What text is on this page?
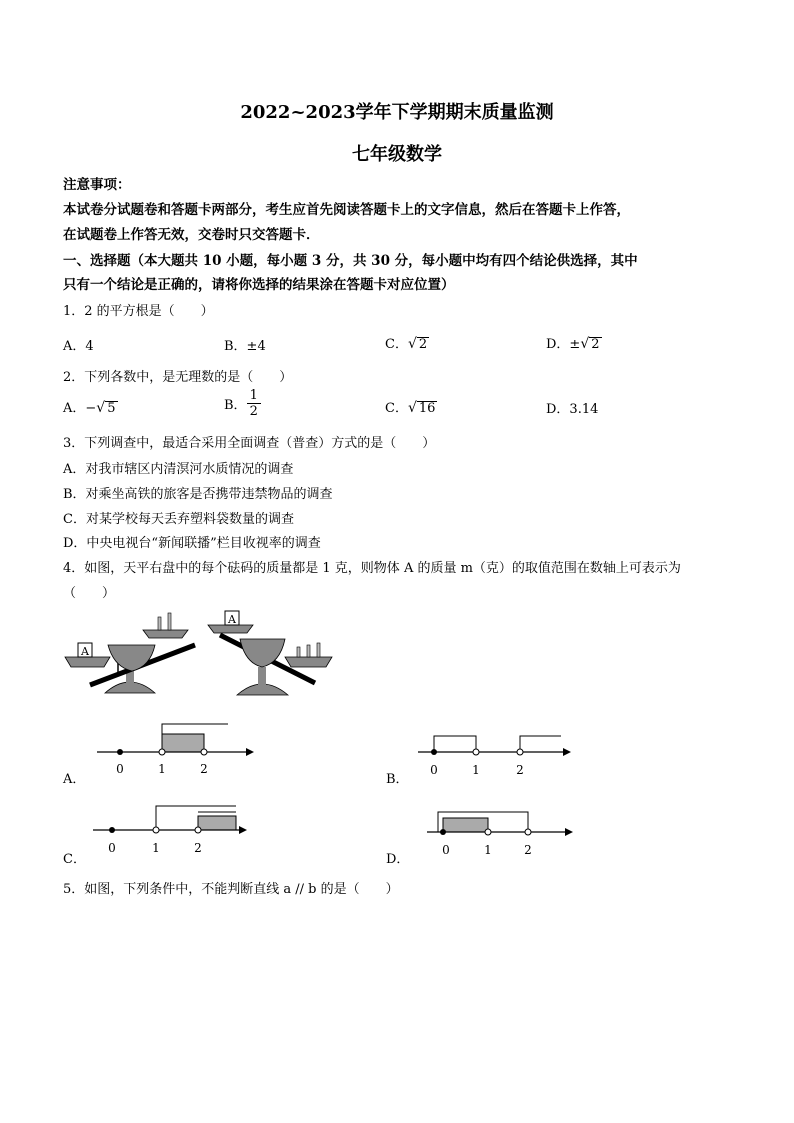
2022~2023学年下学期期末质量监测
七年级数学
注意事项：
本试卷分试题卷和答题卡两部分，考生应首先阅读答题卡上的文字信息，然后在答题卡上作答，
在试题卷上作答无效，交卷时只交答题卡．
一、选择题（本大题共 10 小题，每小题 3 分，共 30 分，每小题中均有四个结论供选择，其中
只有一个结论是正确的，请将你选择的结果涂在答题卡对应位置）
1．2 的平方根是（　　）
A．4	B．±4	C．√ 2	D．±√ 2
2．下列各数中，是无理数的是（　　）
A．−√ 5	B． $\frac{1}{2}$	C．√ 16	D．3.14
3．下列调查中，最适合采用全面调查（普查）方式的是（　　）
A．对我市辖区内清溟河水质情况的调查
B．对乘坐高铁的旅客是否携带违禁物品的调查
C．对某学校每天丢弃塑料袋数量的调查
D．中央电视台“新闻联播”栏目收视率的调查
4．如图，天平右盘中的每个砝码的质量都是 1 克，则物体 A 的质量 m（克）的取值范围在数轴上可表示为
（　　）
A
A
A．
0	1	2
B．
0	1	2
C．
0	1	2
D．
0	1	2
5．如图，下列条件中，不能判断直线 a // b 的是（　　）
